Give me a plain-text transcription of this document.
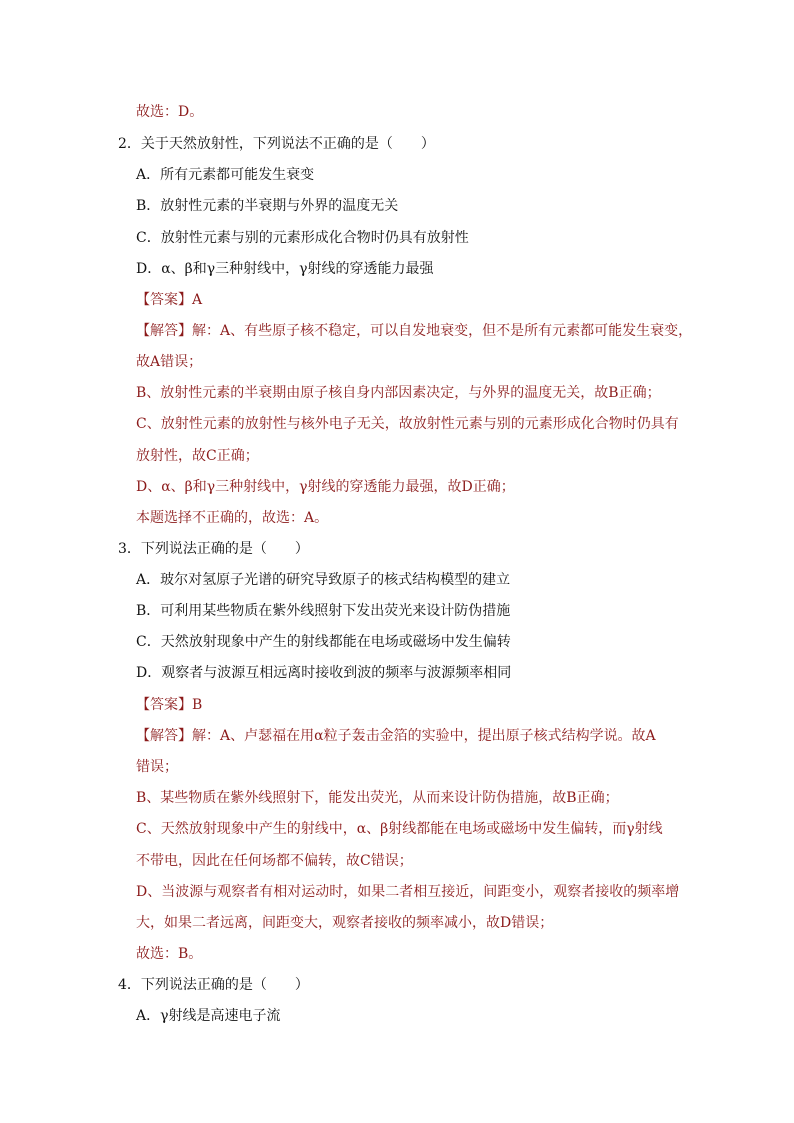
故选：D。
2．关于天然放射性，下列说法不正确的是（　　）
A．所有元素都可能发生衰变
B．放射性元素的半衰期与外界的温度无关
C．放射性元素与别的元素形成化合物时仍具有放射性
D．α、β和γ三种射线中，γ射线的穿透能力最强
【答案】A
【解答】解：A、有些原子核不稳定，可以自发地衰变，但不是所有元素都可能发生衰变，
故A错误；
B、放射性元素的半衰期由原子核自身内部因素决定，与外界的温度无关，故B正确；
C、放射性元素的放射性与核外电子无关，故放射性元素与别的元素形成化合物时仍具有
放射性，故C正确；
D、α、β和γ三种射线中，γ射线的穿透能力最强，故D正确；
本题选择不正确的，故选：A。
3．下列说法正确的是（　　）
A．玻尔对氢原子光谱的研究导致原子的核式结构模型的建立
B．可利用某些物质在紫外线照射下发出荧光来设计防伪措施
C．天然放射现象中产生的射线都能在电场或磁场中发生偏转
D．观察者与波源互相远离时接收到波的频率与波源频率相同
【答案】B
【解答】解：A、卢瑟福在用α粒子轰击金箔的实验中，提出原子核式结构学说。故A
错误；
B、某些物质在紫外线照射下，能发出荧光，从而来设计防伪措施，故B正确；
C、天然放射现象中产生的射线中，α、β射线都能在电场或磁场中发生偏转，而γ射线
不带电，因此在任何场都不偏转，故C错误；
D、当波源与观察者有相对运动时，如果二者相互接近，间距变小，观察者接收的频率增
大，如果二者远离，间距变大，观察者接收的频率减小，故D错误；
故选：B。
4．下列说法正确的是（　　）
A．γ射线是高速电子流
